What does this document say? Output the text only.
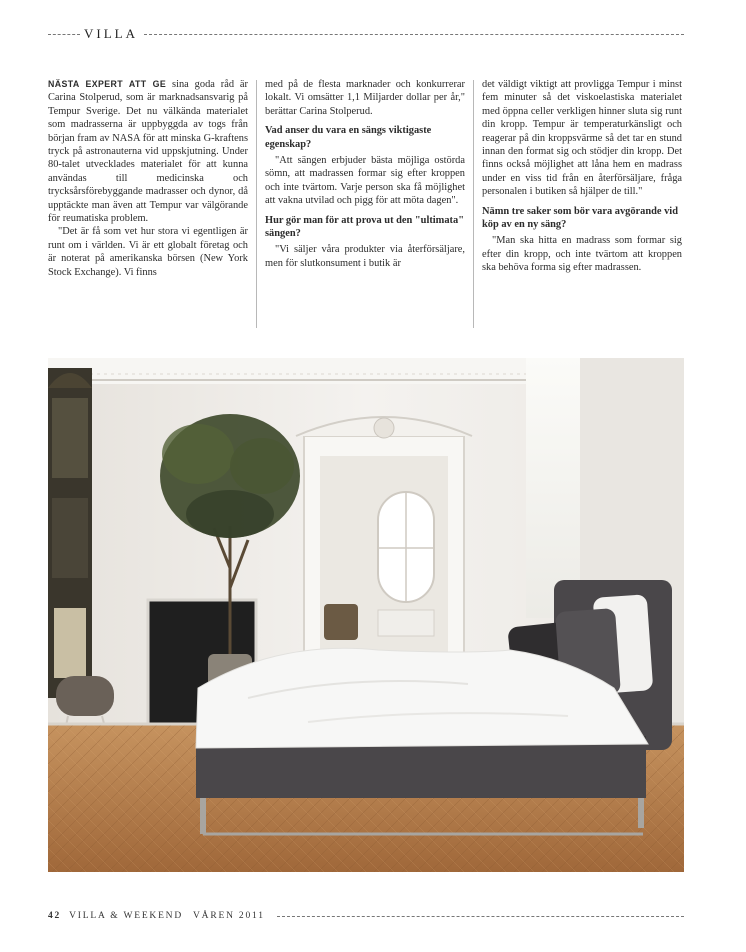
VILLA

NÄSTA EXPERT ATT GE sina goda råd är Carina Stolperud, som är marknadsansvarig på Tempur Sverige. Det nu välkända materialet som madrasserna är uppbyggda av togs från början fram av NASA för att minska G-kraftens tryck på astronauterna vid uppskjutning. Under 80-talet utvecklades materialet för att kunna användas till medicinska och trycksårsförebyggande madrasser och dynor, då upptäckte man även att Tempur var välgörande för reumatiska problem.

"Det är få som vet hur stora vi egentligen är runt om i världen. Vi är ett globalt företag och är noterat på amerikanska börsen (New York Stock Exchange). Vi finns

med på de flesta marknader och konkurrerar lokalt. Vi omsätter 1,1 Miljarder dollar per år," berättar Carina Stolperud.

Vad anser du vara en sängs viktigaste egenskap?

"Att sängen erbjuder bästa möjliga ostörda sömn, att madrassen formar sig efter kroppen och inte tvärtom. Varje person ska få möjlighet att vakna utvilad och pigg för att möta dagen".

Hur gör man för att prova ut den "ultimata" sängen?

"Vi säljer våra produkter via återförsäljare, men för slutkonsument i butik är

det väldigt viktigt att provligga Tempur i minst fem minuter så det viskoelastiska materialet med öppna celler verkligen hinner sluta sig runt din kropp. Tempur är temperaturkänsligt och reagerar på din kroppsvärme så det tar en stund innan den format sig och stödjer din kropp. Det finns också möjlighet att låna hem en madrass under en viss tid från en återförsäljare, fråga personalen i butiken så hjälper de till."

Nämn tre saker som bör vara avgörande vid köp av en ny säng?

"Man ska hitta en madrass som formar sig efter din kropp, och inte tvärtom att kroppen ska behöva forma sig efter madrassen.

42 VILLA & WEEKEND VÅREN 2011
